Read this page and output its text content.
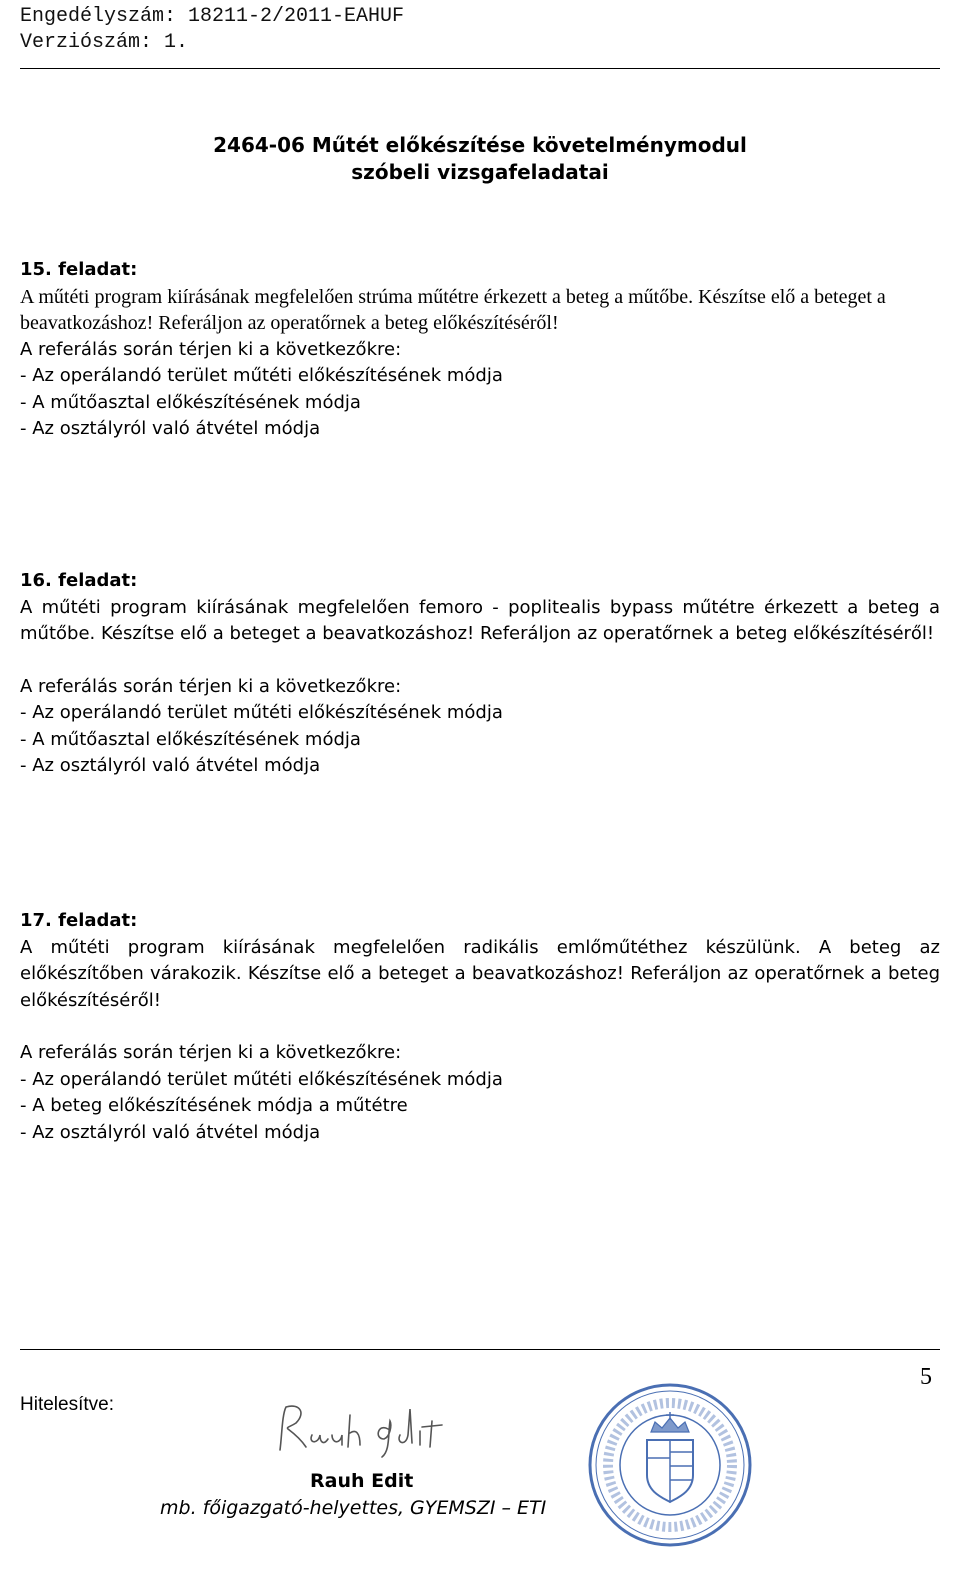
Engedélyszám: 18211-2/2011-EAHUF
Verziószám: 1.
2464-06 Műtét előkészítése követelménymodul
szóbeli vizsgafeladatai

15. feladat:

A műtéti program kiírásának megfelelően strúma műtétre érkezett a beteg a műtőbe. Készítse elő a beteget a beavatkozáshoz! Referáljon az operatőrnek a beteg előkészítéséről!

A referálás során térjen ki a következőkre:
- Az operálandó terület műtéti előkészítésének módja
- A műtőasztal előkészítésének módja
- Az osztályról való átvétel módja

16. feladat:

A műtéti program kiírásának megfelelően femoro - poplitealis bypass műtétre érkezett a beteg a műtőbe. Készítse elő a beteget a beavatkozáshoz! Referáljon az operatőrnek a beteg előkészítéséről!

A referálás során térjen ki a következőkre:
- Az operálandó terület műtéti előkészítésének módja
- A műtőasztal előkészítésének módja
- Az osztályról való átvétel módja

17. feladat:

A műtéti program kiírásának megfelelően radikális emlőműtéthez készülünk. A beteg az előkészítőben várakozik. Készítse elő a beteget a beavatkozáshoz! Referáljon az operatőrnek a beteg előkészítéséről!

A referálás során térjen ki a következőkre:
- Az operálandó terület műtéti előkészítésének módja
- A beteg előkészítésének módja a műtétre
- Az osztályról való átvétel módja
5
Hitelesítve:
Rauh Edit
mb. főigazgató-helyettes, GYEMSZI – ETI
